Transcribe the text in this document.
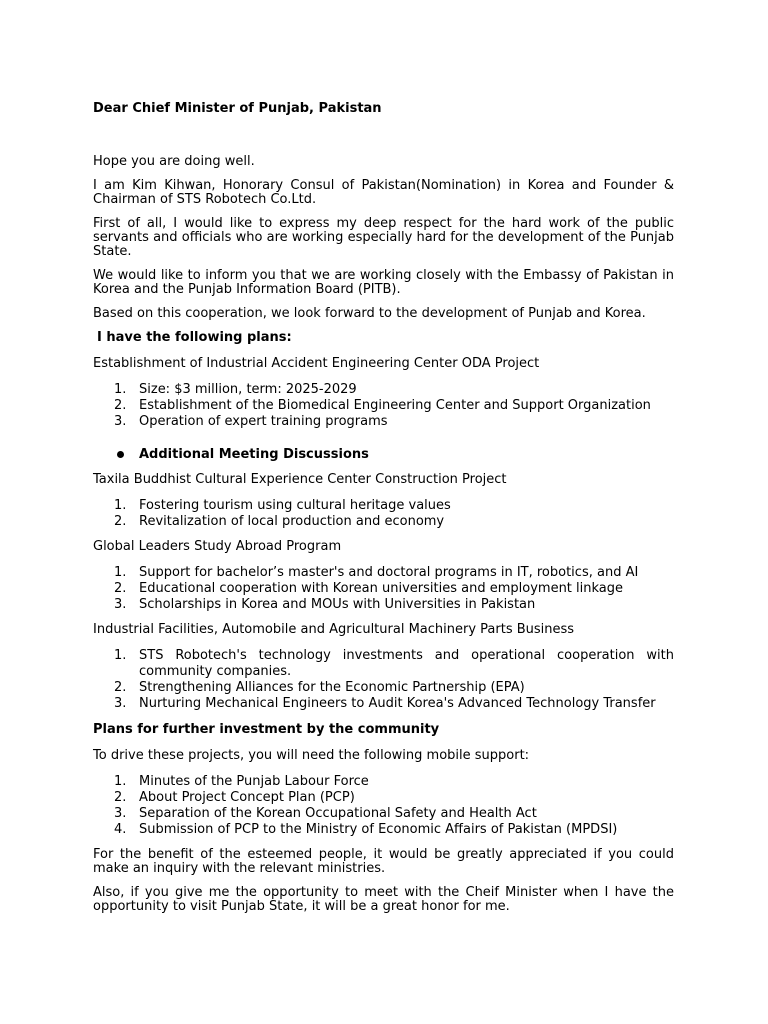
Dear Chief Minister of Punjab, Pakistan

Hope you are doing well.

I am Kim Kihwan, Honorary Consul of Pakistan(Nomination) in Korea and Founder & Chairman of STS Robotech Co.Ltd.

First of all, I would like to express my deep respect for the hard work of the public servants and officials who are working especially hard for the development of the Punjab State.

We would like to inform you that we are working closely with the Embassy of Pakistan in Korea and the Punjab Information Board (PITB).

Based on this cooperation, we look forward to the development of Punjab and Korea.

I have the following plans:

Establishment of Industrial Accident Engineering Center ODA Project

1. Size: $3 million, term: 2025-2029
2. Establishment of the Biomedical Engineering Center and Support Organization
3. Operation of expert training programs
Additional Meeting Discussions

Taxila Buddhist Cultural Experience Center Construction Project

1. Fostering tourism using cultural heritage values
2. Revitalization of local production and economy

Global Leaders Study Abroad Program

1. Support for bachelor’s master's and doctoral programs in IT, robotics, and AI
2. Educational cooperation with Korean universities and employment linkage
3. Scholarships in Korea and MOUs with Universities in Pakistan

Industrial Facilities, Automobile and Agricultural Machinery Parts Business

1. STS Robotech's technology investments and operational cooperation with community companies.
2. Strengthening Alliances for the Economic Partnership (EPA)
3. Nurturing Mechanical Engineers to Audit Korea's Advanced Technology Transfer

Plans for further investment by the community

To drive these projects, you will need the following mobile support:

1. Minutes of the Punjab Labour Force
2. About Project Concept Plan (PCP)
3. Separation of the Korean Occupational Safety and Health Act
4. Submission of PCP to the Ministry of Economic Affairs of Pakistan (MPDSI)

For the benefit of the esteemed people, it would be greatly appreciated if you could make an inquiry with the relevant ministries.

Also, if you give me the opportunity to meet with the Cheif Minister when I have the opportunity to visit Punjab State, it will be a great honor for me.
